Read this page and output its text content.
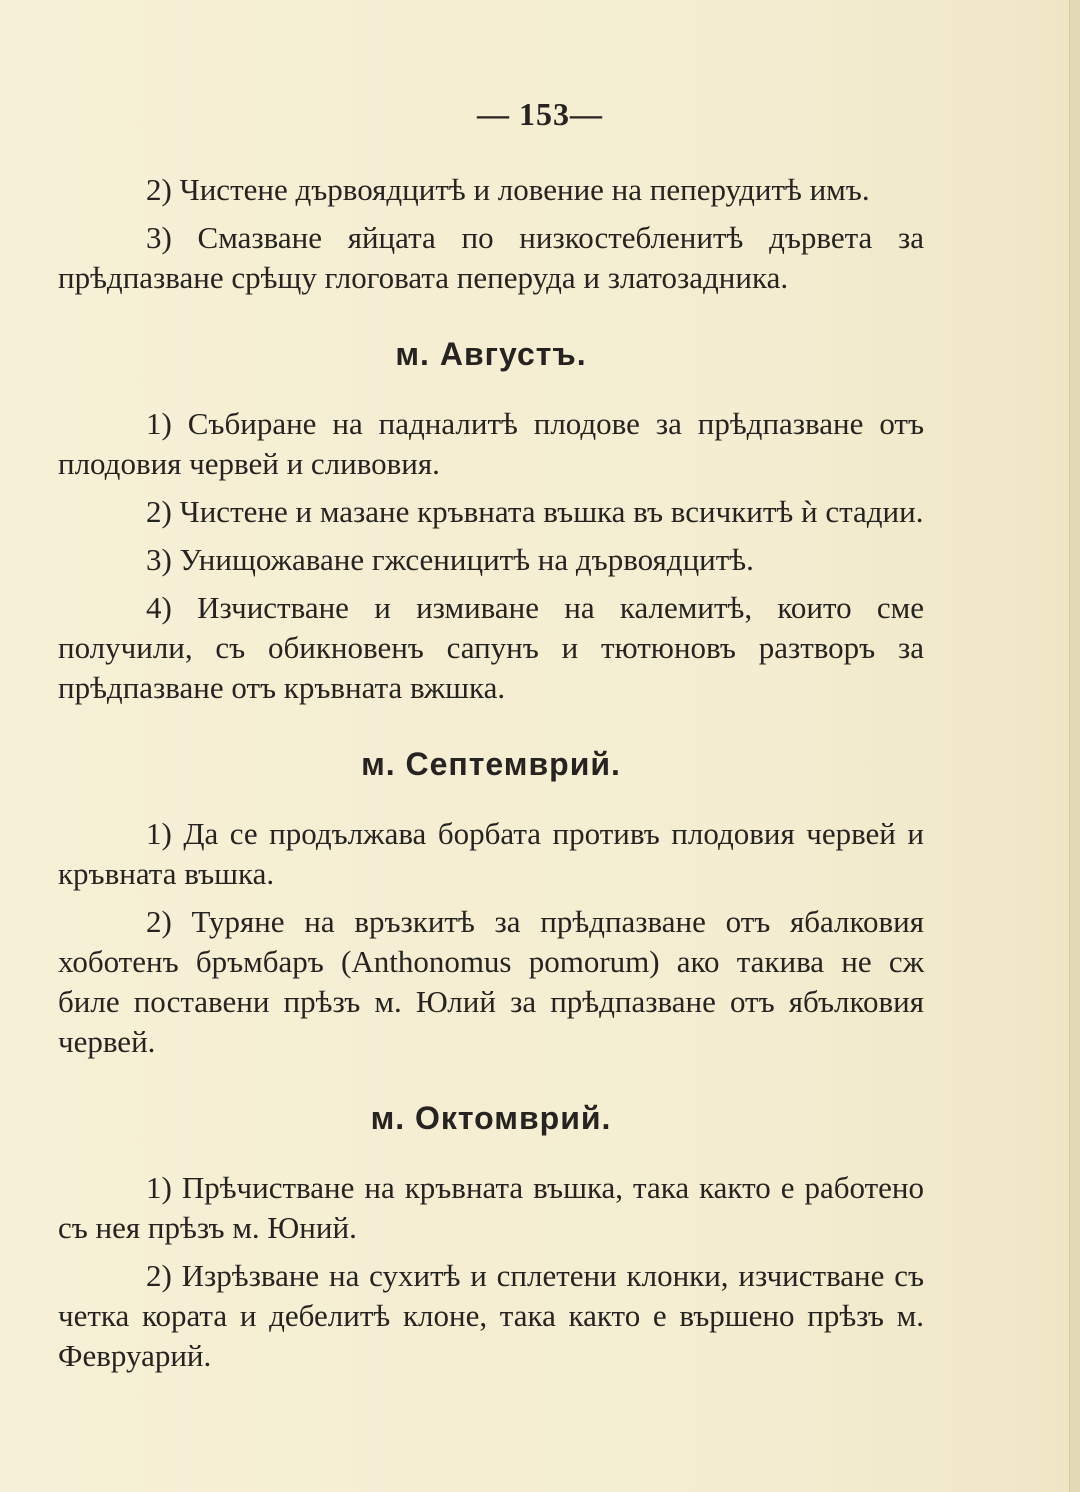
— 153—

2) Чистене дървоядцитѣ и ловение на пеперудитѣ имъ.

3) Смазване яйцата по низкостебленитѣ дървета за прѣдпазване срѣщу глоговата пеперуда и златозадника.

м. Августъ.

1) Събиране на падналитѣ плодове за прѣдпазване отъ плодовия червей и сливовия.

2) Чистене и мазане кръвната въшка въ всичкитѣ ѝ стадии.

3) Унищожаване гжсеницитѣ на дървоядцитѣ.

4) Изчистване и измиване на калемитѣ, които сме получили, съ обикновенъ сапунъ и тютюновъ разтворъ за прѣдпазване отъ кръвната вжшка.

м. Септемврий.

1) Да се продължава борбата противъ плодовия червей и кръвната въшка.

2) Туряне на връзкитѣ за прѣдпазване отъ ябалковия хоботенъ бръмбаръ (Anthonomus pomorum) ако такива не сж биле поставени прѣзъ м. Юлий за прѣдпазване отъ ябълковия червей.

м. Октомврий.

1) Прѣчистване на кръвната въшка, така както е работено съ нея прѣзъ м. Юний.

2) Изрѣзване на сухитѣ и сплетени клонки, изчистване съ четка кората и дебелитѣ клоне, така както е вършено прѣзъ м. Февруарий.
